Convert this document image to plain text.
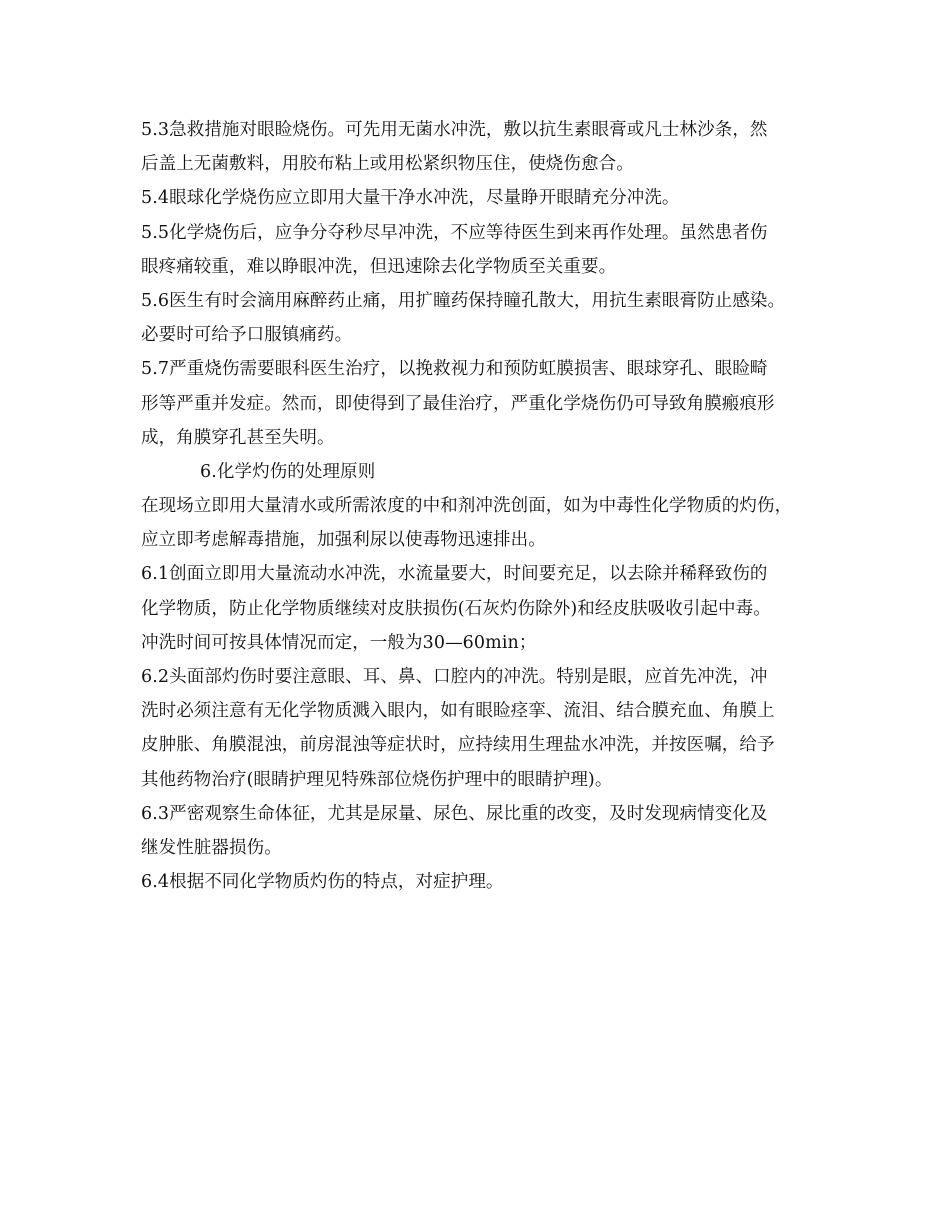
5.3急救措施对眼睑烧伤。可先用无菌水冲洗，敷以抗生素眼膏或凡士林沙条，然
后盖上无菌敷料，用胶布粘上或用松紧织物压住，使烧伤愈合。
5.4眼球化学烧伤应立即用大量干净水冲洗，尽量睁开眼睛充分冲洗。
5.5化学烧伤后，应争分夺秒尽早冲洗，不应等待医生到来再作处理。虽然患者伤
眼疼痛较重，难以睁眼冲洗，但迅速除去化学物质至关重要。
5.6医生有时会滴用麻醉药止痛，用扩瞳药保持瞳孔散大，用抗生素眼膏防止感染。
必要时可给予口服镇痛药。
5.7严重烧伤需要眼科医生治疗，以挽救视力和预防虹膜损害、眼球穿孔、眼睑畸
形等严重并发症。然而，即使得到了最佳治疗，严重化学烧伤仍可导致角膜瘢痕形
成，角膜穿孔甚至失明。
6.化学灼伤的处理原则
在现场立即用大量清水或所需浓度的中和剂冲洗创面，如为中毒性化学物质的灼伤，
应立即考虑解毒措施，加强利尿以使毒物迅速排出。
6.1创面立即用大量流动水冲洗，水流量要大，时间要充足，以去除并稀释致伤的
化学物质，防止化学物质继续对皮肤损伤(石灰灼伤除外)和经皮肤吸收引起中毒。
冲洗时间可按具体情况而定，一般为30—60min；
6.2头面部灼伤时要注意眼、耳、鼻、口腔内的冲洗。特别是眼，应首先冲洗，冲
洗时必须注意有无化学物质溅入眼内，如有眼睑痉挛、流泪、结合膜充血、角膜上
皮肿胀、角膜混浊，前房混浊等症状时，应持续用生理盐水冲洗，并按医嘱，给予
其他药物治疗(眼睛护理见特殊部位烧伤护理中的眼睛护理)。
6.3严密观察生命体征，尤其是尿量、尿色、尿比重的改变，及时发现病情变化及
继发性脏器损伤。
6.4根据不同化学物质灼伤的特点，对症护理。
